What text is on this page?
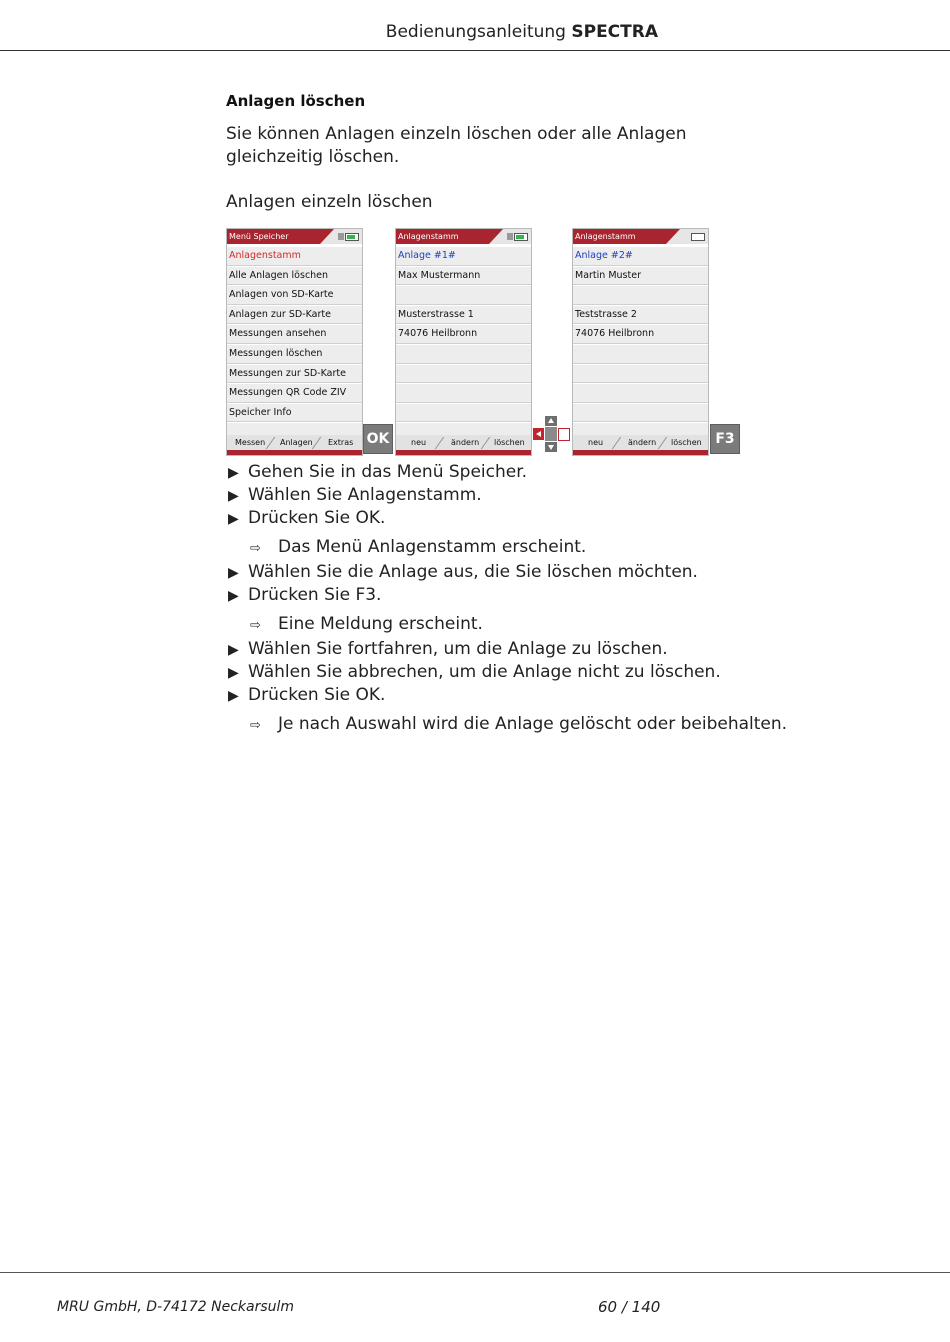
Bedienungsanleitung SPECTRA
Anlagen löschen
Sie können Anlagen einzeln löschen oder alle Anlagen gleichzeitig löschen.
Anlagen einzeln löschen
Menü Speicher
Anlagenstamm
Alle Anlagen löschen
Anlagen von SD-Karte
Anlagen zur SD-Karte
Messungen ansehen
Messungen löschen
Messungen zur SD-Karte
Messungen QR Code ZIV
Speicher Info
Messen Anlagen Extras OK
Anlagenstamm
Anlage #1#
Max Mustermann
Musterstrasse 1
74076 Heilbronn
neu	ändern löschen
Anlagenstamm
Anlage #2#
Martin Muster
Teststrasse 2
74076 Heilbronn
neu	ändern löschen F3
▶ Gehen Sie in das Menü Speicher.
▶ Wählen Sie Anlagenstamm.
▶ Drücken Sie OK.
⇨ Das Menü Anlagenstamm erscheint.
▶ Wählen Sie die Anlage aus, die Sie löschen möchten.
▶ Drücken Sie F3.
⇨ Eine Meldung erscheint.
▶ Wählen Sie fortfahren, um die Anlage zu löschen.
▶ Wählen Sie abbrechen, um die Anlage nicht zu löschen.
▶ Drücken Sie OK.
⇨ Je nach Auswahl wird die Anlage gelöscht oder beibehalten.
MRU GmbH, D-74172 Neckarsulm	60 / 140
